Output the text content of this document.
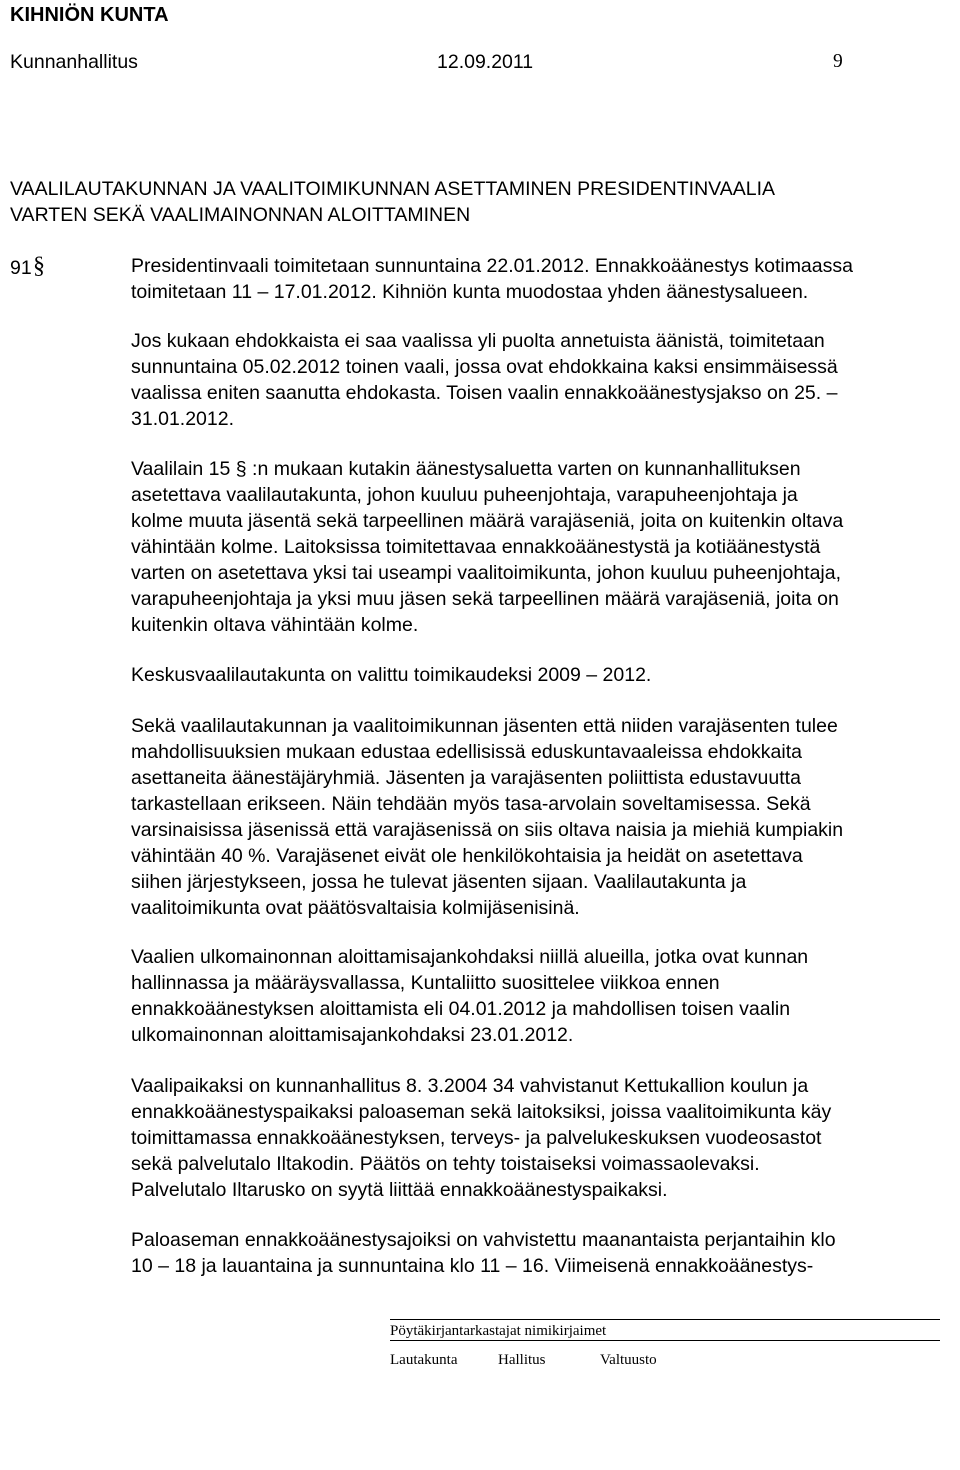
KIHNIÖN KUNTA
Kunnanhallitus	12.09.2011	9
VAALILAUTAKUNNAN JA VAALITOIMIKUNNAN ASETTAMINEN PRESIDENTINVAALIA
VARTEN SEKÄ VAALIMAINONNAN ALOITTAMINEN
91 §	Presidentinvaali toimitetaan sunnuntaina 22.01.2012. Ennakkoäänestys kotimaassa
toimitetaan 11 – 17.01.2012. Kihniön kunta muodostaa yhden äänestysalueen.
Jos kukaan ehdokkaista ei saa vaalissa yli puolta annetuista äänistä, toimitetaan
sunnuntaina 05.02.2012 toinen vaali, jossa ovat ehdokkaina kaksi ensimmäisessä
vaalissa eniten saanutta ehdokasta. Toisen vaalin ennakkoäänestysjakso on 25. –
31.01.2012.
Vaalilain 15 § :n mukaan kutakin äänestysaluetta varten on kunnanhallituksen
asetettava vaalilautakunta, johon kuuluu puheenjohtaja, varapuheenjohtaja ja
kolme muuta jäsentä sekä tarpeellinen määrä varajäseniä, joita on kuitenkin oltava
vähintään kolme. Laitoksissa toimitettavaa ennakkoäänestystä ja kotiäänestystä
varten on asetettava yksi tai useampi vaalitoimikunta, johon kuuluu puheenjohtaja,
varapuheenjohtaja ja yksi muu jäsen sekä tarpeellinen määrä varajäseniä, joita on
kuitenkin oltava vähintään kolme.
Keskusvaalilautakunta on valittu toimikaudeksi 2009 – 2012.
Sekä vaalilautakunnan ja vaalitoimikunnan jäsenten että niiden varajäsenten tulee
mahdollisuuksien mukaan edustaa edellisissä eduskuntavaaleissa ehdokkaita
asettaneita äänestäjäryhmiä. Jäsenten ja varajäsenten poliittista edustavuutta
tarkastellaan erikseen. Näin tehdään myös tasa-arvolain soveltamisessa. Sekä
varsinaisissa jäsenissä että varajäsenissä on siis oltava naisia ja miehiä kumpiakin
vähintään 40 %. Varajäsenet eivät ole henkilökohtaisia ja heidät on asetettava
siihen järjestykseen, jossa he tulevat jäsenten sijaan. Vaalilautakunta ja
vaalitoimikunta ovat päätösvaltaisia kolmijäsenisinä.
Vaalien ulkomainonnan aloittamisajankohdaksi niillä alueilla, jotka ovat kunnan
hallinnassa ja määräysvallassa, Kuntaliitto suosittelee viikkoa ennen
ennakkoäänestyksen aloittamista eli 04.01.2012 ja mahdollisen toisen vaalin
ulkomainonnan aloittamisajankohdaksi 23.01.2012.
Vaalipaikaksi on kunnanhallitus 8. 3.2004 34 vahvistanut Kettukallion koulun ja
ennakkoäänestyspaikaksi paloaseman sekä laitoksiksi, joissa vaalitoimikunta käy
toimittamassa ennakkoäänestyksen, terveys- ja palvelukeskuksen vuodeosastot
sekä palvelutalo Iltakodin. Päätös on tehty toistaiseksi voimassaolevaksi.
Palvelutalo Iltarusko on syytä liittää ennakkoäänestyspaikaksi.
Paloaseman ennakkoäänestysajoiksi on vahvistettu maanantaista perjantaihin klo
10 – 18 ja lauantaina ja sunnuntaina klo 11 – 16. Viimeisenä ennakkoäänestys-
Pöytäkirjantarkastajat nimikirjaimet
Lautakunta	Hallitus	Valtuusto
